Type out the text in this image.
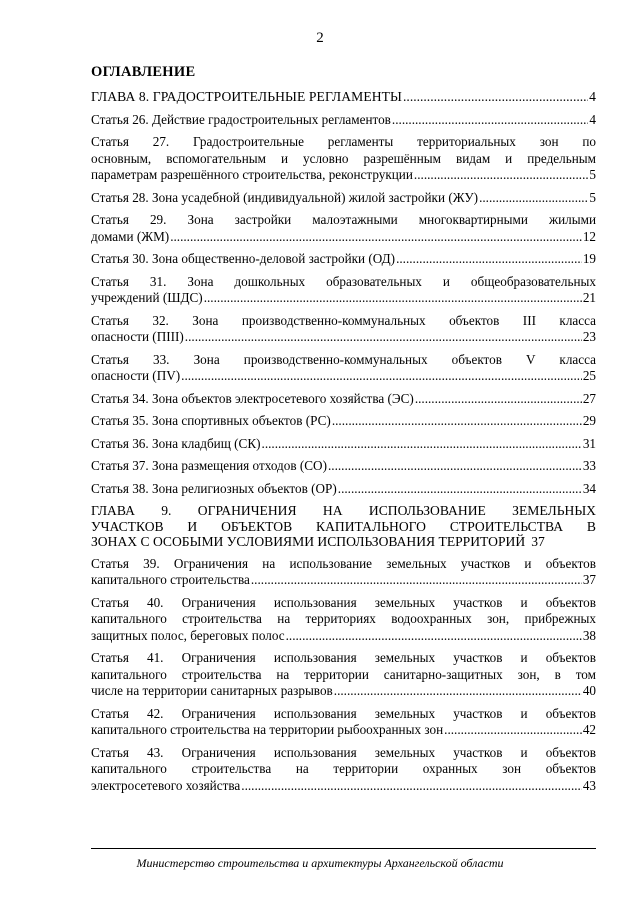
2
ОГЛАВЛЕНИЕ
ГЛАВА 8. ГРАДОСТРОИТЕЛЬНЫЕ РЕГЛАМЕНТЫ .....	4
Статья 26. Действие градостроительных регламентов .....	4
Статья 27. Градостроительные регламенты территориальных зон по
основным, вспомогательным и условно разрешённым видам и предельным
параметрам разрешённого строительства, реконструкции .....	5
Статья 28. Зона усадебной (индивидуальной) жилой застройки (ЖУ) .....	5
Статья 29. Зона застройки малоэтажными многоквартирными жилыми
домами (ЖМ) .....	12
Статья 30. Зона общественно-деловой застройки (ОД) .....	19
Статья 31. Зона дошкольных образовательных и общеобразовательных
учреждений (ШДС) .....	21
Статья 32. Зона производственно-коммунальных объектов III класса
опасности (ПIII) .....	23
Статья 33. Зона производственно-коммунальных объектов V класса
опасности (ПV) .....	25
Статья 34. Зона объектов электросетевого хозяйства (ЭС) .....	27
Статья 35. Зона спортивных объектов (РС) .....	29
Статья 36. Зона кладбищ (СК) .....	31
Статья 37. Зона размещения отходов (СО) .....	33
Статья 38. Зона религиозных объектов (ОР) .....	34
ГЛАВА 9. ОГРАНИЧЕНИЯ НА ИСПОЛЬЗОВАНИЕ ЗЕМЕЛЬНЫХ
УЧАСТКОВ И ОБЪЕКТОВ КАПИТАЛЬНОГО СТРОИТЕЛЬСТВА В
ЗОНАХ С ОСОБЫМИ УСЛОВИЯМИ ИСПОЛЬЗОВАНИЯ ТЕРРИТОРИЙ 37
Статья 39. Ограничения на использование земельных участков и объектов
капитального строительства .....	37
Статья 40. Ограничения использования земельных участков и объектов
капитального строительства на территориях водоохранных зон, прибрежных
защитных полос, береговых полос .....	38
Статья 41. Ограничения использования земельных участков и объектов
капитального строительства на территории санитарно-защитных зон, в том
числе на территории санитарных разрывов .....	40
Статья 42. Ограничения использования земельных участков и объектов
капитального строительства на территории рыбоохранных зон .....	42
Статья 43. Ограничения использования земельных участков и объектов
капитального строительства на территории охранных зон объектов
электросетевого хозяйства .....	43
Министерство строительства и архитектуры Архангельской области
